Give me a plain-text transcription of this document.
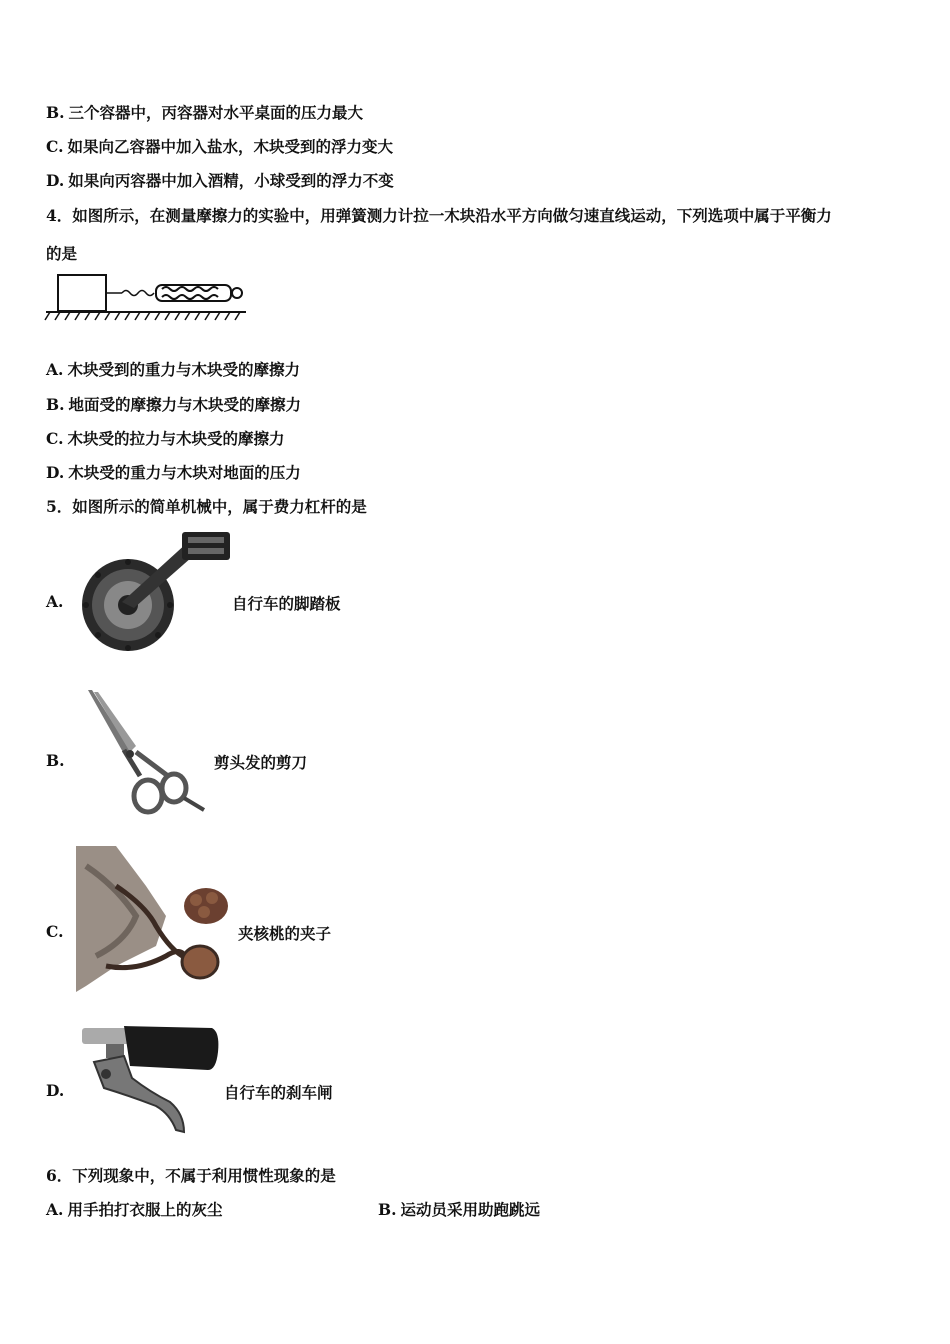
B. 三个容器中，丙容器对水平桌面的压力最大
C. 如果向乙容器中加入盐水，木块受到的浮力变大
D. 如果向丙容器中加入酒精，小球受到的浮力不变
4．如图所示，在测量摩擦力的实验中，用弹簧测力计拉一木块沿水平方向做匀速直线运动，下列选项中属于平衡力
的是
A. 木块受到的重力与木块受的摩擦力
B. 地面受的摩擦力与木块受的摩擦力
C. 木块受的拉力与木块受的摩擦力
D. 木块受的重力与木块对地面的压力
5．如图所示的简单机械中，属于费力杠杆的是
A.	自行车的脚踏板
B.	剪头发的剪刀
C.	夹核桃的夹子
D.	自行车的刹车闸
6．下列现象中，不属于利用惯性现象的是
A. 用手拍打衣服上的灰尘	B. 运动员采用助跑跳远
